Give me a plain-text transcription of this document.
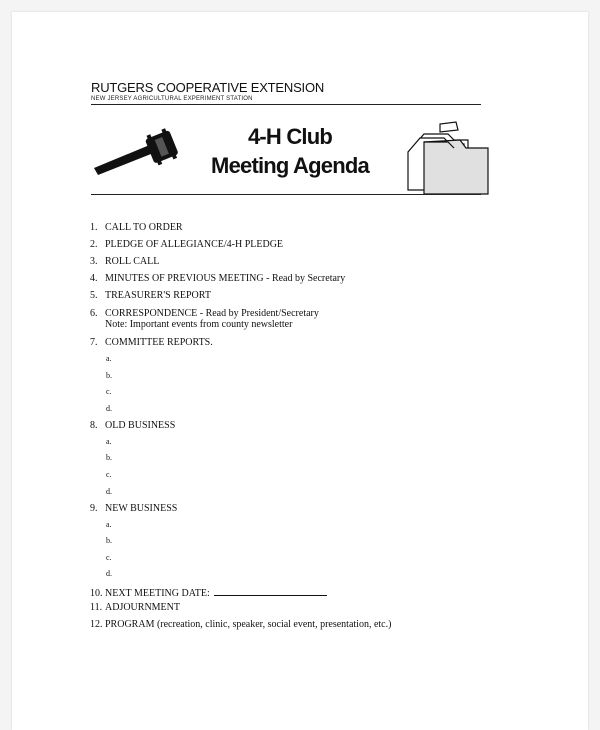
RUTGERS COOPERATIVE EXTENSION
NEW JERSEY AGRICULTURAL EXPERIMENT STATION
4-H Club
Meeting Agenda
1. CALL TO ORDER
2. PLEDGE OF ALLEGIANCE/4-H PLEDGE
3. ROLL CALL
4. MINUTES OF PREVIOUS MEETING - Read by Secretary
5. TREASURER'S REPORT
6. CORRESPONDENCE - Read by President/Secretary
Note: Important events from county newsletter
7. COMMITTEE REPORTS.
a.
b.
c.
d.
8. OLD BUSINESS
a.
b.
c.
d.
9. NEW BUSINESS
a.
b.
c.
d.
10. NEXT MEETING DATE:
11. ADJOURNMENT
12. PROGRAM (recreation, clinic, speaker, social event, presentation, etc.)
